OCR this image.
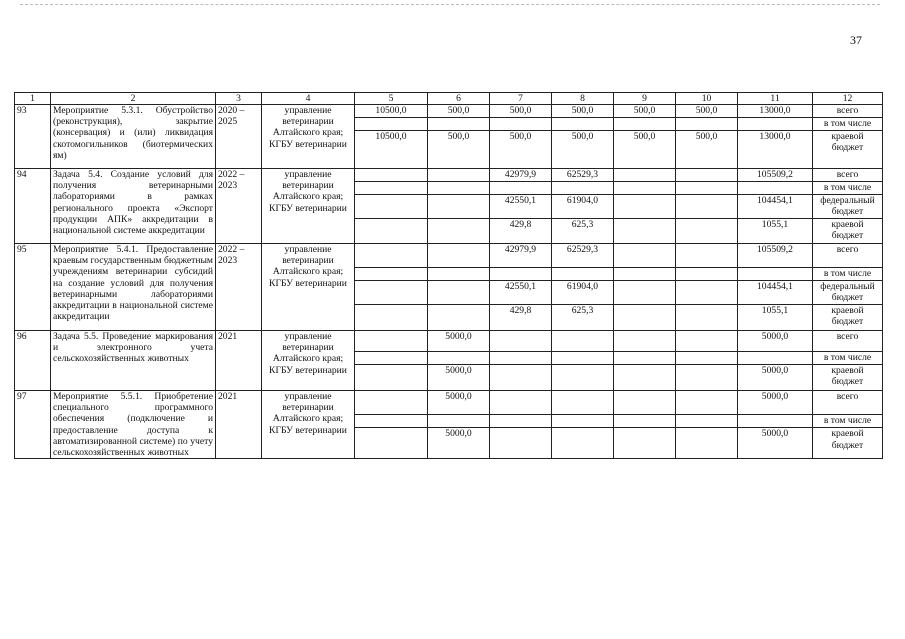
37
1	2	3	4	5	6	7	8	9	10	11	12
93	Мероприятие 5.3.1. Обустройство (реконструкция), закрытие (консервация) и (или) ликвидация скотомогильников (биотермических ям)	2020 – 2025	управление ветеринарии Алтайского края; КГБУ ветеринарии	10500,0	500,0	500,0	500,0	500,0	500,0	13000,0	всего
											в том числе
				10500,0	500,0	500,0	500,0	500,0	500,0	13000,0	краевой бюджет
94	Задача 5.4. Создание условий для получения ветеринарными лабораториями в рамках регионального проекта «Экспорт продукции АПК» аккредитации в национальной системе аккредитации	2022 – 2023	управление ветеринарии Алтайского края; КГБУ ветеринарии			42979,9	62529,3			105509,2	всего
											в том числе
						42550,1	61904,0			104454,1	федеральный бюджет
						429,8	625,3			1055,1	краевой бюджет
95	Мероприятие 5.4.1. Предоставление краевым государственным бюджетным учреждениям ветеринарии субсидий на создание условий для получения ветеринарными лабораториями аккредитации в национальной системе аккредитации	2022 – 2023	управление ветеринарии Алтайского края; КГБУ ветеринарии			42979,9	62529,3			105509,2	всего
											в том числе
						42550,1	61904,0			104454,1	федеральный бюджет
						429,8	625,3			1055,1	краевой бюджет
96	Задача 5.5. Проведение маркирования и электронного учета сельскохозяйственных животных	2021	управление ветеринарии Алтайского края; КГБУ ветеринарии		5000,0					5000,0	всего
											в том числе
					5000,0					5000,0	краевой бюджет
97	Мероприятие 5.5.1. Приобретение специального программного обеспечения (подключение и предоставление доступа к автоматизированной системе) по учету сельскохозяйственных животных	2021	управление ветеринарии Алтайского края; КГБУ ветеринарии		5000,0					5000,0	всего
											в том числе
					5000,0					5000,0	краевой бюджет
